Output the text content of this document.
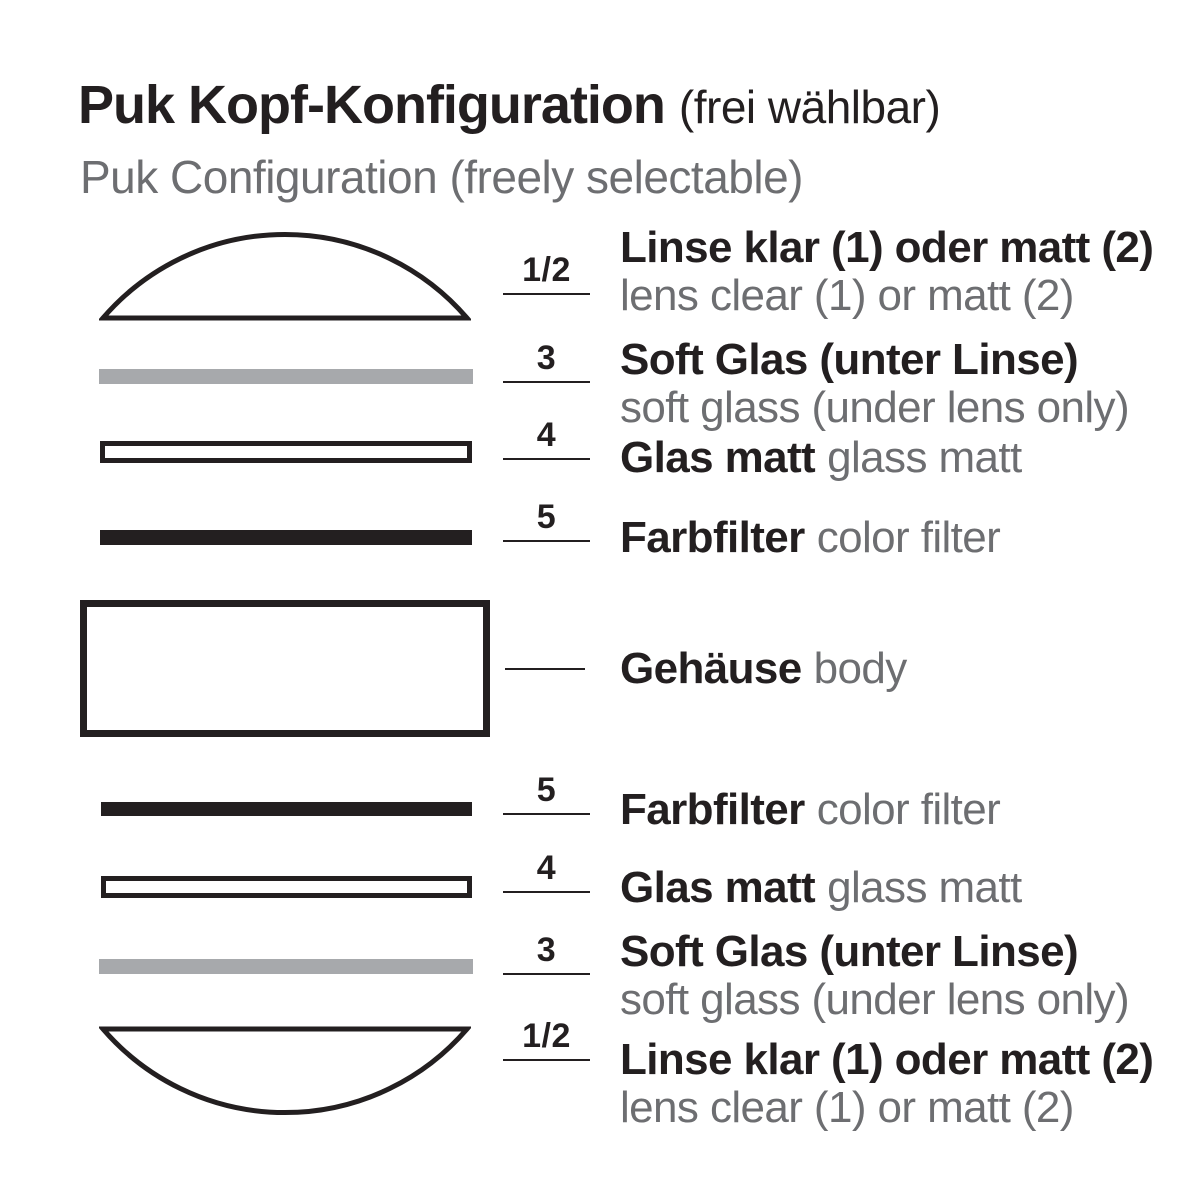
Puk Kopf-Konfiguration (frei wählbar)
Puk Configuration (freely selectable)
1/2
3
4
5
5
4
3
1/2
Linse klar (1) oder matt (2)
lens clear (1) or matt (2)
Soft Glas (unter Linse)
soft glass (under lens only)
Glas matt glass matt
Farbfilter color filter
Gehäuse body
Farbfilter color filter
Glas matt glass matt
Soft Glas (unter Linse)
soft glass (under lens only)
Linse klar (1) oder matt (2)
lens clear (1) or matt (2)
